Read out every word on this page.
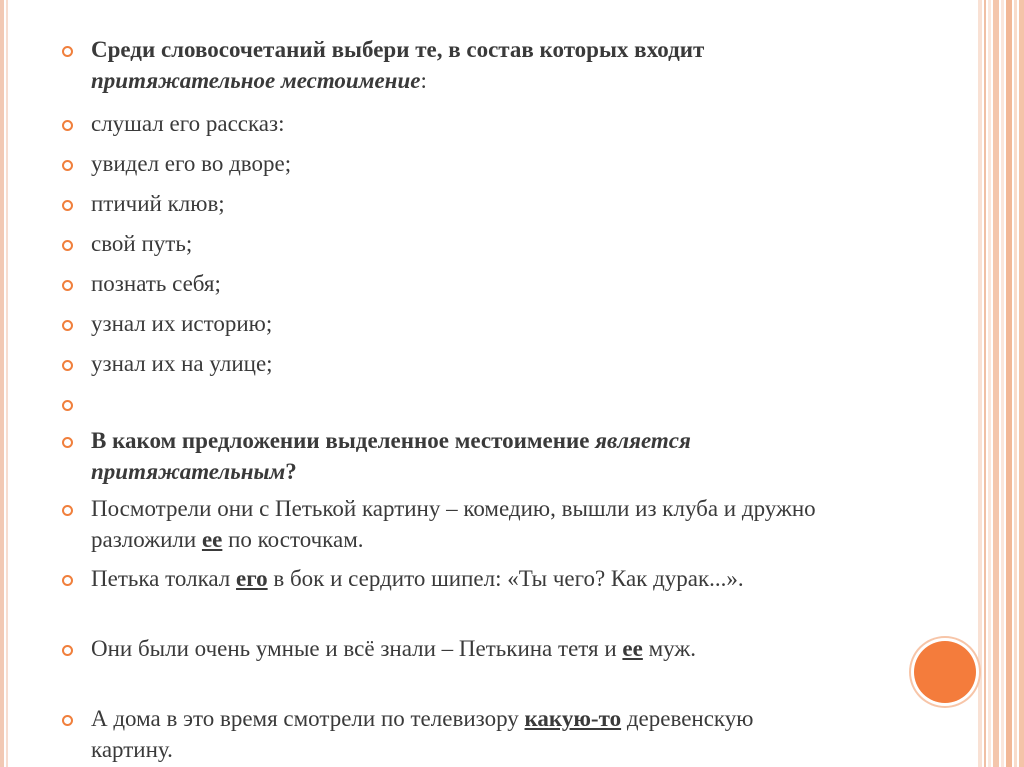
Среди словосочетаний выбери те, в состав которых входит притяжательное местоимение:
слушал его рассказ:
увидел его во дворе;
птичий клюв;
свой путь;
познать себя;
узнал их историю;
узнал их на улице;
В каком предложении выделенное местоимение является притяжательным?
Посмотрели они с Петькой картину – комедию, вышли из клуба и дружно разложили ее по косточкам.
Петька толкал его в бок и сердито шипел: «Ты чего? Как дурак...».
Они были очень умные и всё знали – Петькина тетя и ее муж.
А дома в это время смотрели по телевизору какую-то деревенскую картину.
